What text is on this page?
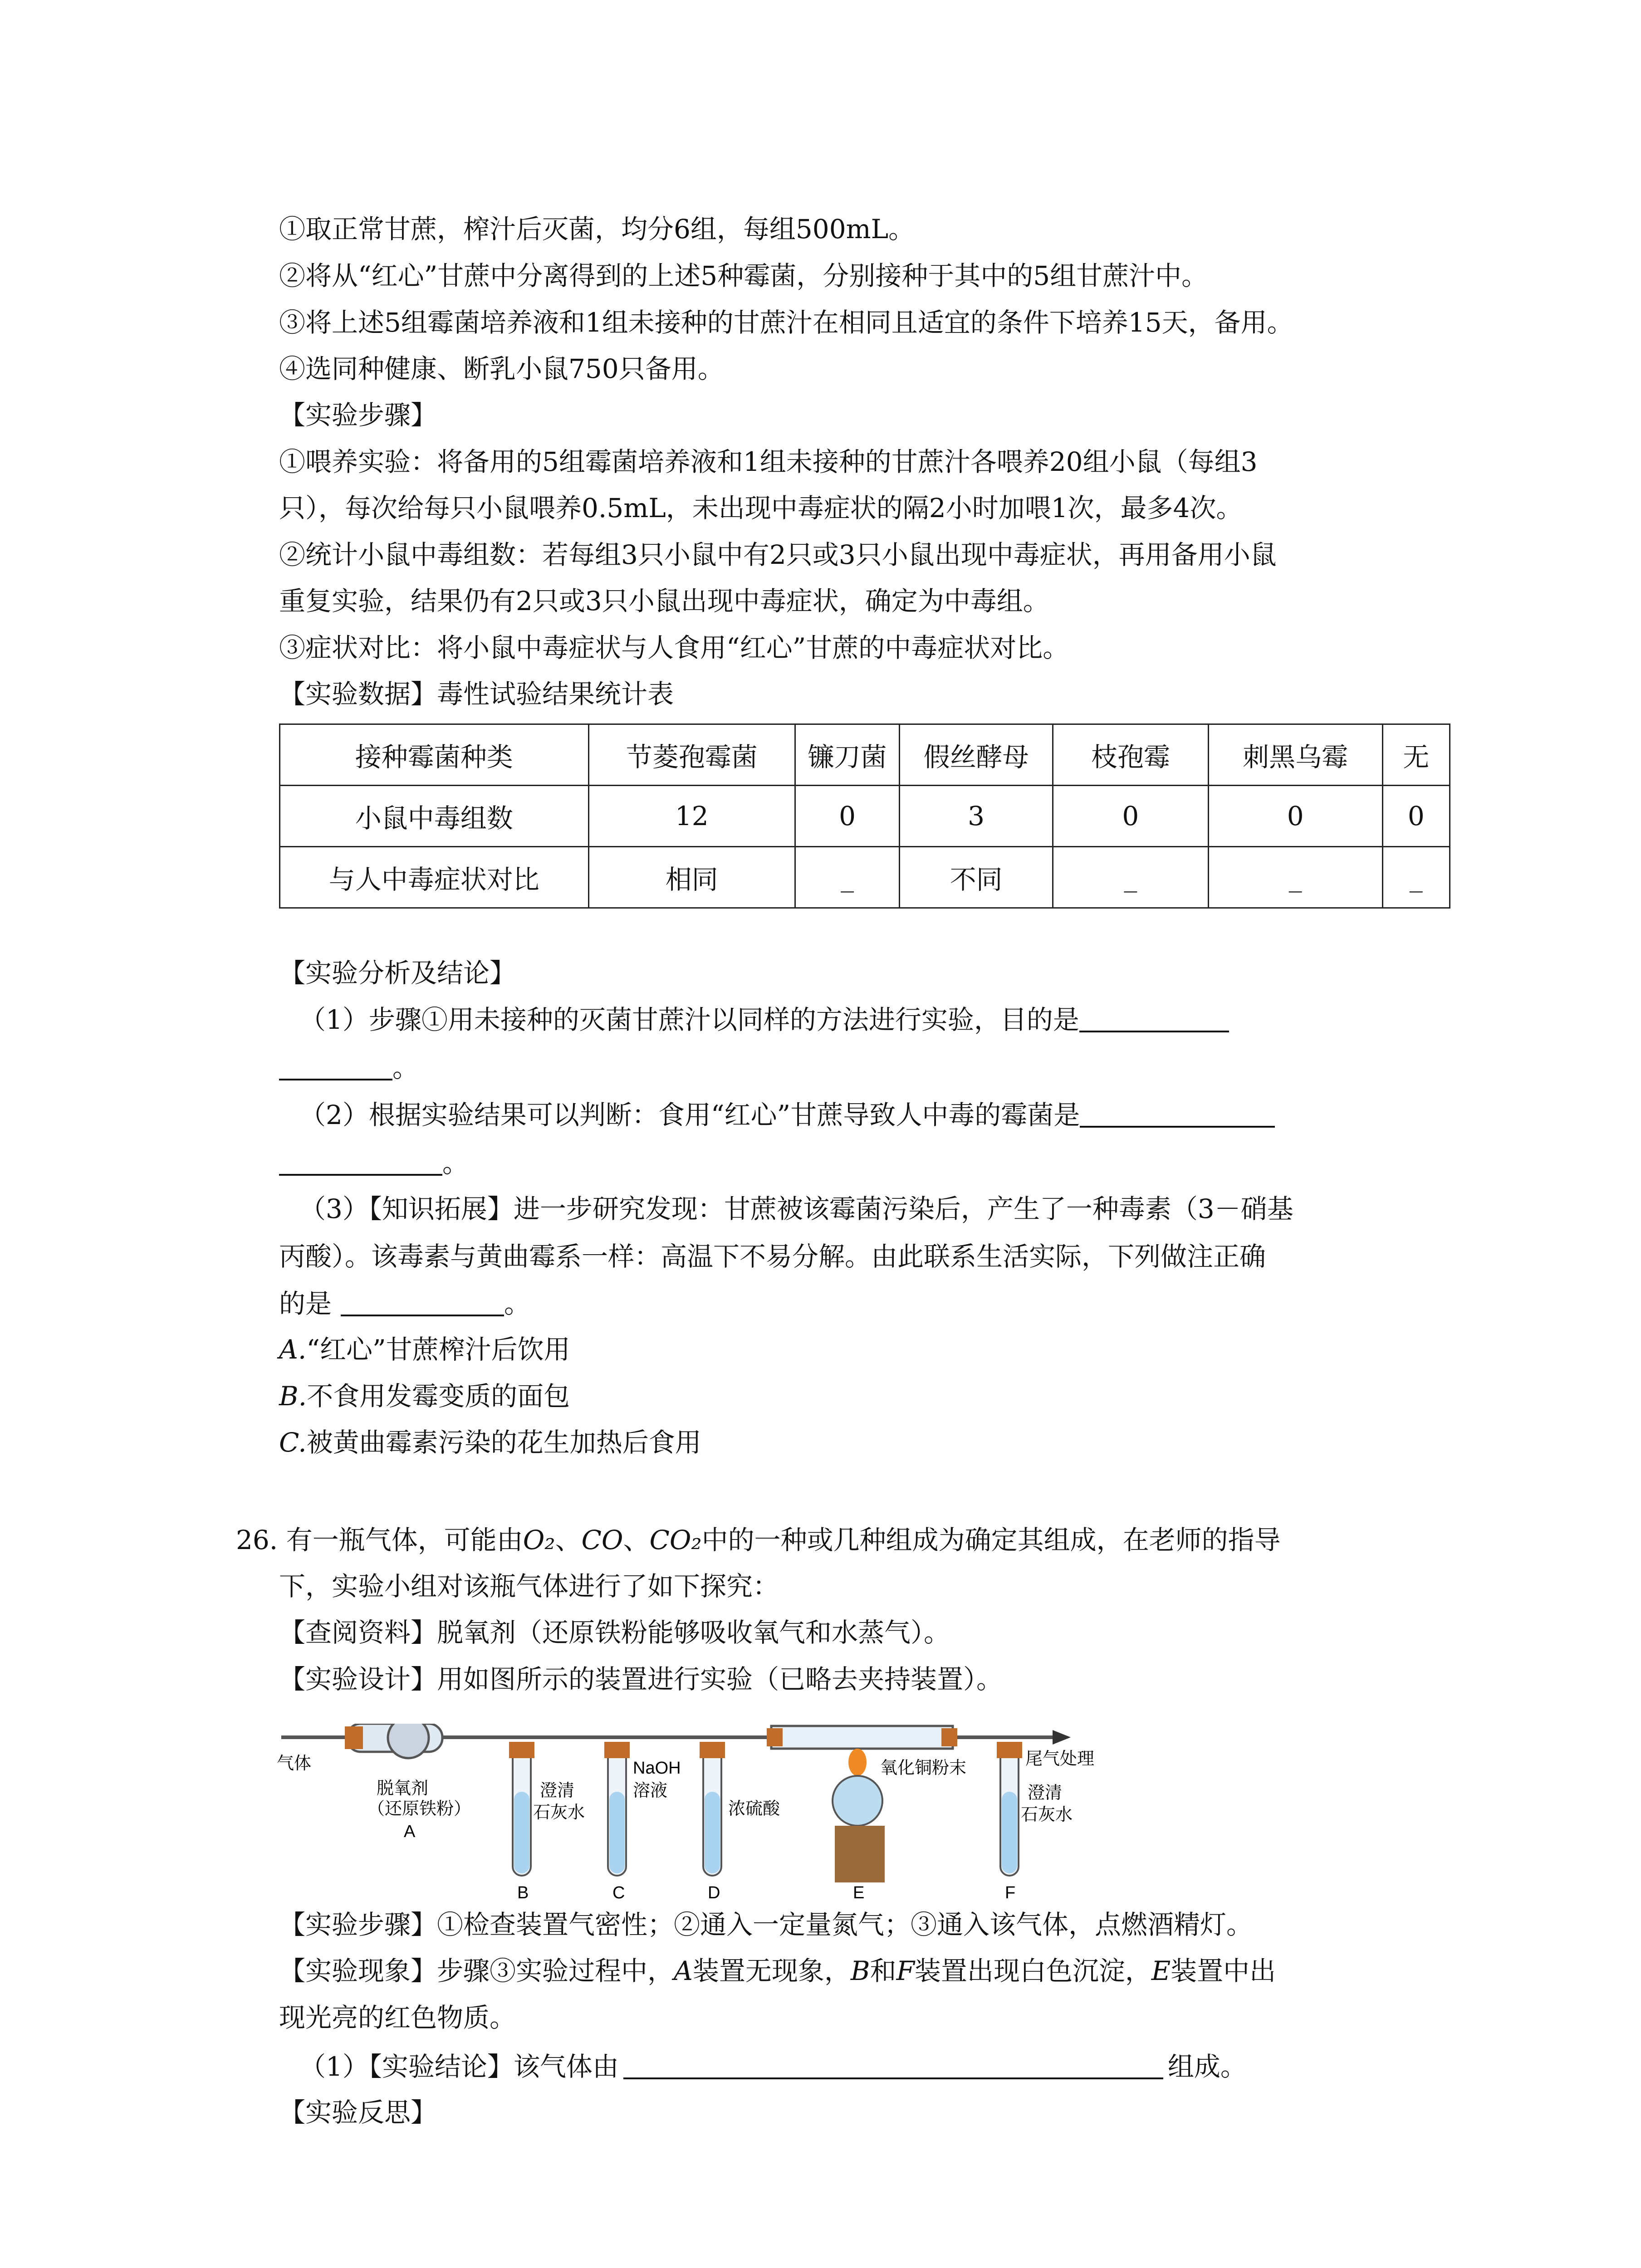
①取正常甘蔗，榨汁后灭菌，均分6组，每组500mL。
②将从“红心”甘蔗中分离得到的上述5种霉菌，分别接种于其中的5组甘蔗汁中。
③将上述5组霉菌培养液和1组未接种的甘蔗汁在相同且适宜的条件下培养15天，备用。
④选同种健康、断乳小鼠750只备用。
【实验步骤】
①喂养实验：将备用的5组霉菌培养液和1组未接种的甘蔗汁各喂养20组小鼠（每组3
只），每次给每只小鼠喂养0.5mL，未出现中毒症状的隔2小时加喂1次，最多4次。
②统计小鼠中毒组数：若每组3只小鼠中有2只或3只小鼠出现中毒症状，再用备用小鼠
重复实验，结果仍有2只或3只小鼠出现中毒症状，确定为中毒组。
③症状对比：将小鼠中毒症状与人食用“红心”甘蔗的中毒症状对比。
【实验数据】毒性试验结果统计表
接种霉菌种类	节菱孢霉菌	镰刀菌	假丝酵母	枝孢霉	刺黑乌霉	无
小鼠中毒组数	12	0	3	0	0	0
与人中毒症状对比	相同	_	不同	_	_	_
【实验分析及结论】
（1）步骤①用未接种的灭菌甘蔗汁以同样的方法进行实验，目的是
。
（2）根据实验结果可以判断：食用“红心”甘蔗导致人中毒的霉菌是
。
（3）【知识拓展】进一步研究发现：甘蔗被该霉菌污染后，产生了一种毒素（3－硝基
丙酸）。该毒素与黄曲霉系一样：高温下不易分解。由此联系生活实际，下列做注正确
的是	。
A.“红心”甘蔗榨汁后饮用
B.不食用发霉变质的面包
C.被黄曲霉素污染的花生加热后食用
26. 有一瓶气体，可能由O₂、CO、CO₂中的一种或几种组成为确定其组成，在老师的指导
下，实验小组对该瓶气体进行了如下探究：
【查阅资料】脱氧剂（还原铁粉能够吸收氧气和水蒸气）。
【实验设计】用如图所示的装置进行实验（已略去夹持装置）。
气体
脱氧剂
（还原铁粉）
A
澄清
石灰水
B
NaOH
溶液
C
浓硫酸
D
氧化铜粉末
E
尾气处理
澄清
石灰水
F
【实验步骤】①检查装置气密性；②通入一定量氮气；③通入该气体，点燃酒精灯。
【实验现象】步骤③实验过程中，A装置无现象，B和F装置出现白色沉淀，E装置中出
现光亮的红色物质。
（1）【实验结论】该气体由	组成。
【实验反思】
